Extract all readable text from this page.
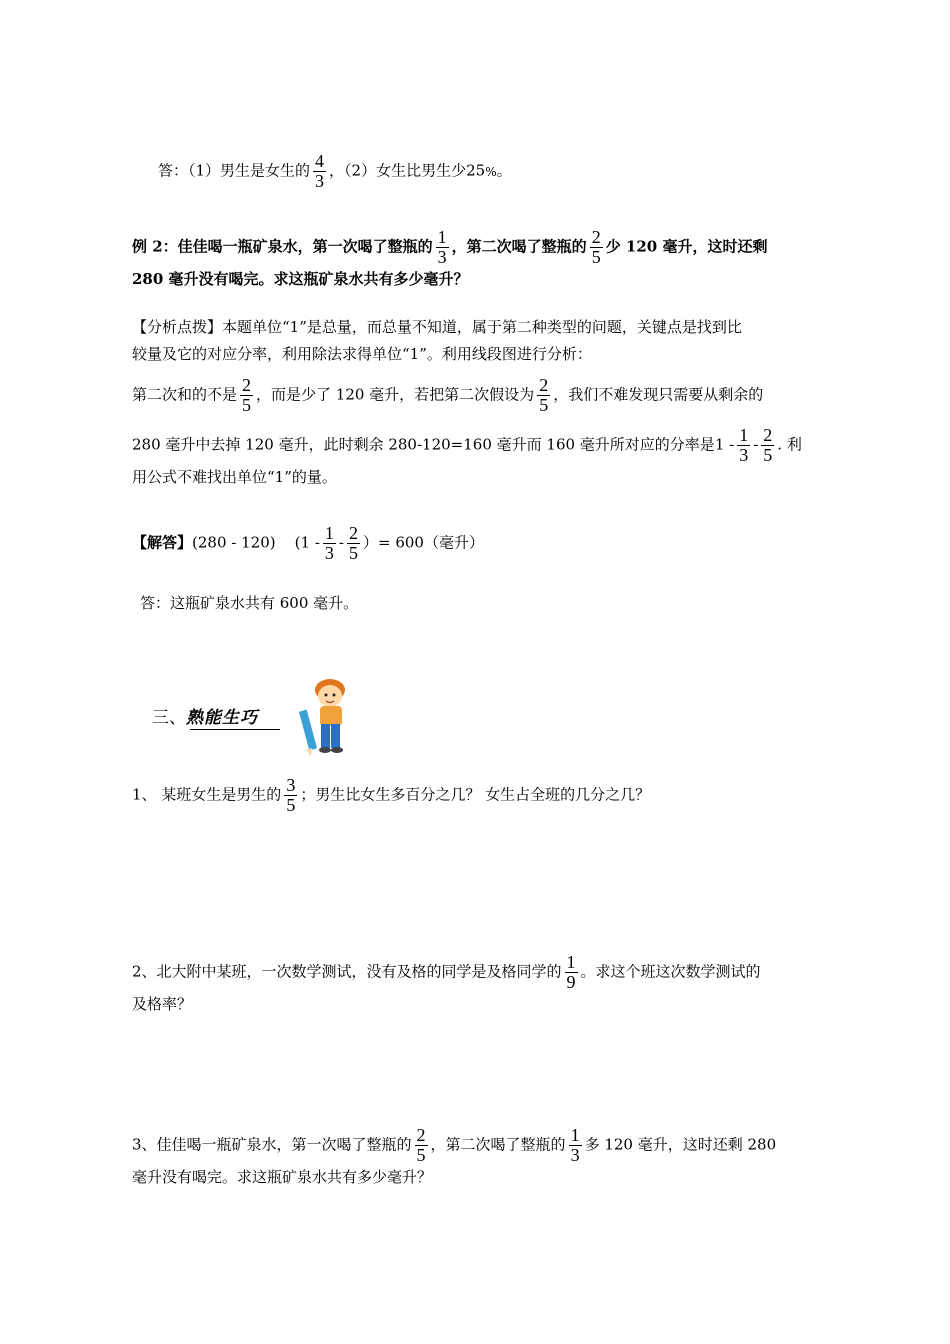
答：（1）男生是女生的 $\frac{4}{3}$ ，（2）女生比男生少25%。
例 2：佳佳喝一瓶矿泉水，第一次喝了整瓶的 $\frac{1}{3}$ ，第二次喝了整瓶的 $\frac{2}{5}$ 少 120 毫升，这时还剩
280 毫升没有喝完。求这瓶矿泉水共有多少毫升？
【分析点拨】本题单位“1”是总量，而总量不知道，属于第二种类型的问题，关键点是找到比
较量及它的对应分率，利用除法求得单位“1”。利用线段图进行分析：
第二次和的不是 $\frac{2}{5}$ ，而是少了 120 毫升，若把第二次假设为 $\frac{2}{5}$ ，我们不难发现只需要从剩余的
280 毫升中去掉 120 毫升，此时剩余 280-120=160 毫升而 160 毫升所对应的分率是$1 - \frac{1}{3} - \frac{2}{5}$ . 利
用公式不难找出单位“1”的量。
【解答】(280 - 120) ($1 - \frac{1}{3} - \frac{2}{5}$ ）= 600（毫升）
答：这瓶矿泉水共有 600 毫升。
三、熟能生巧
1、 某班女生是男生的 $\frac{3}{5}$ ；男生比女生多百分之几？ 女生占全班的几分之几？
2、北大附中某班，一次数学测试，没有及格的同学是及格同学的 $\frac{1}{9}$ 。求这个班这次数学测试的
及格率？
3、佳佳喝一瓶矿泉水，第一次喝了整瓶的 $\frac{2}{5}$ ，第二次喝了整瓶的 $\frac{1}{3}$ 多 120 毫升，这时还剩 280
毫升没有喝完。求这瓶矿泉水共有多少毫升？
